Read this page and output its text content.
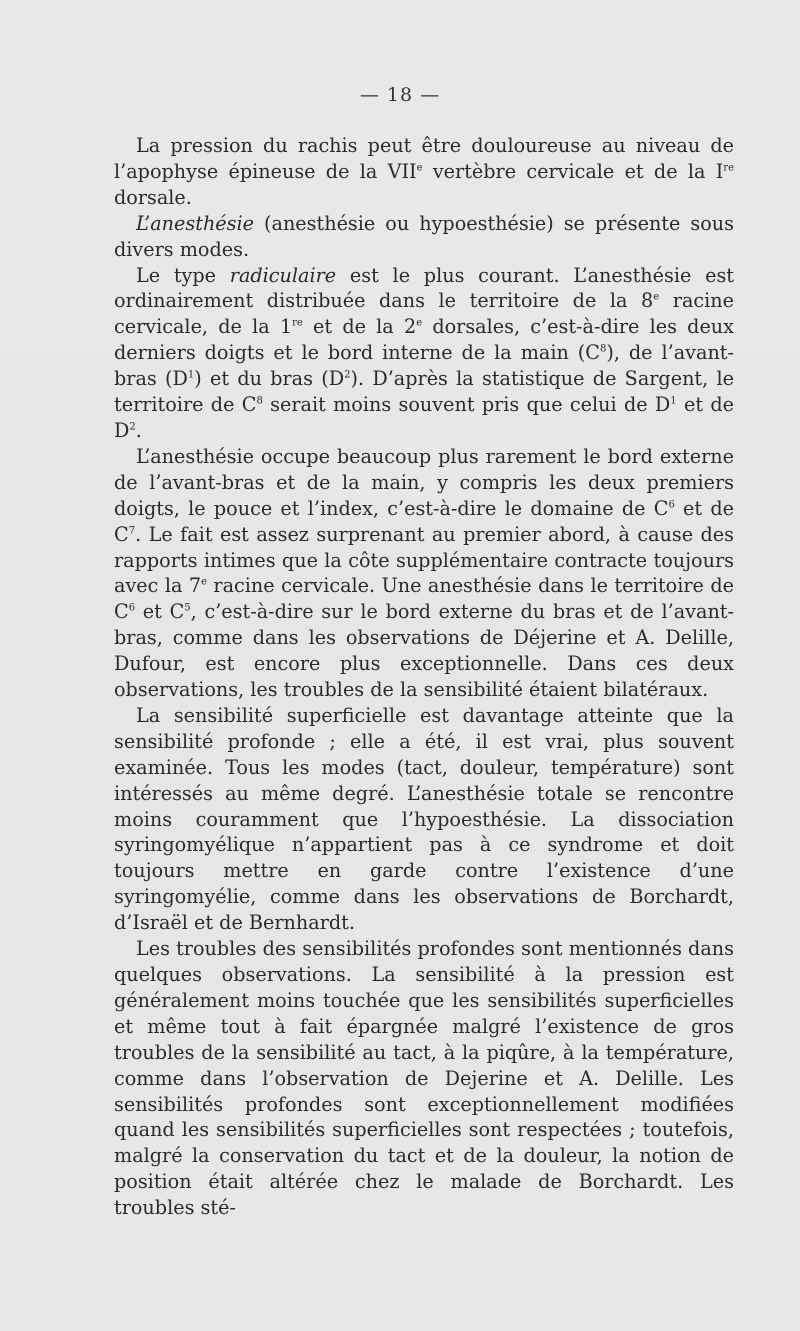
— 18 —

La pression du rachis peut être douloureuse au niveau de l’apophyse épineuse de la VIIe vertèbre cervicale et de la Ire dorsale.

L’anesthésie (anesthésie ou hypoesthésie) se présente sous divers modes.

Le type radiculaire est le plus courant. L’anesthésie est ordinairement distribuée dans le territoire de la 8e racine cervicale, de la 1re et de la 2e dorsales, c’est-à-dire les deux derniers doigts et le bord interne de la main $(C^8)$, de l’avant-bras $(D^1)$ et du bras $(D^2)$. D’après la statistique de Sargent, le territoire de $C^8$ serait moins souvent pris que celui de $D^1$ et de $D^2$.

L’anesthésie occupe beaucoup plus rarement le bord externe de l’avant-bras et de la main, y compris les deux premiers doigts, le pouce et l’index, c’est-à-dire le domaine de $C^6$ et de $C^7$. Le fait est assez surprenant au premier abord, à cause des rapports intimes que la côte supplémentaire contracte toujours avec la 7e racine cervicale. Une anesthésie dans le territoire de $C^6$ et $C^5$, c’est-à-dire sur le bord externe du bras et de l’avant-bras, comme dans les observations de Déjerine et A. Delille, Dufour, est encore plus exceptionnelle. Dans ces deux observations, les troubles de la sensibilité étaient bilatéraux.

La sensibilité superficielle est davantage atteinte que la sensibilité profonde ; elle a été, il est vrai, plus souvent examinée. Tous les modes (tact, douleur, température) sont intéressés au même degré. L’anesthésie totale se rencontre moins couramment que l’hypoesthésie. La dissociation syringomyélique n’appartient pas à ce syndrome et doit toujours mettre en garde contre l’existence d’une syringomyélie, comme dans les observations de Borchardt, d’Israël et de Bernhardt.

Les troubles des sensibilités profondes sont mentionnés dans quelques observations. La sensibilité à la pression est généralement moins touchée que les sensibilités superficielles et même tout à fait épargnée malgré l’existence de gros troubles de la sensibilité au tact, à la piqûre, à la température, comme dans l’observation de Dejerine et A. Delille. Les sensibilités profondes sont exceptionnellement modifiées quand les sensibilités superficielles sont respectées ; toutefois, malgré la conservation du tact et de la douleur, la notion de position était altérée chez le malade de Borchardt. Les troubles sté-
